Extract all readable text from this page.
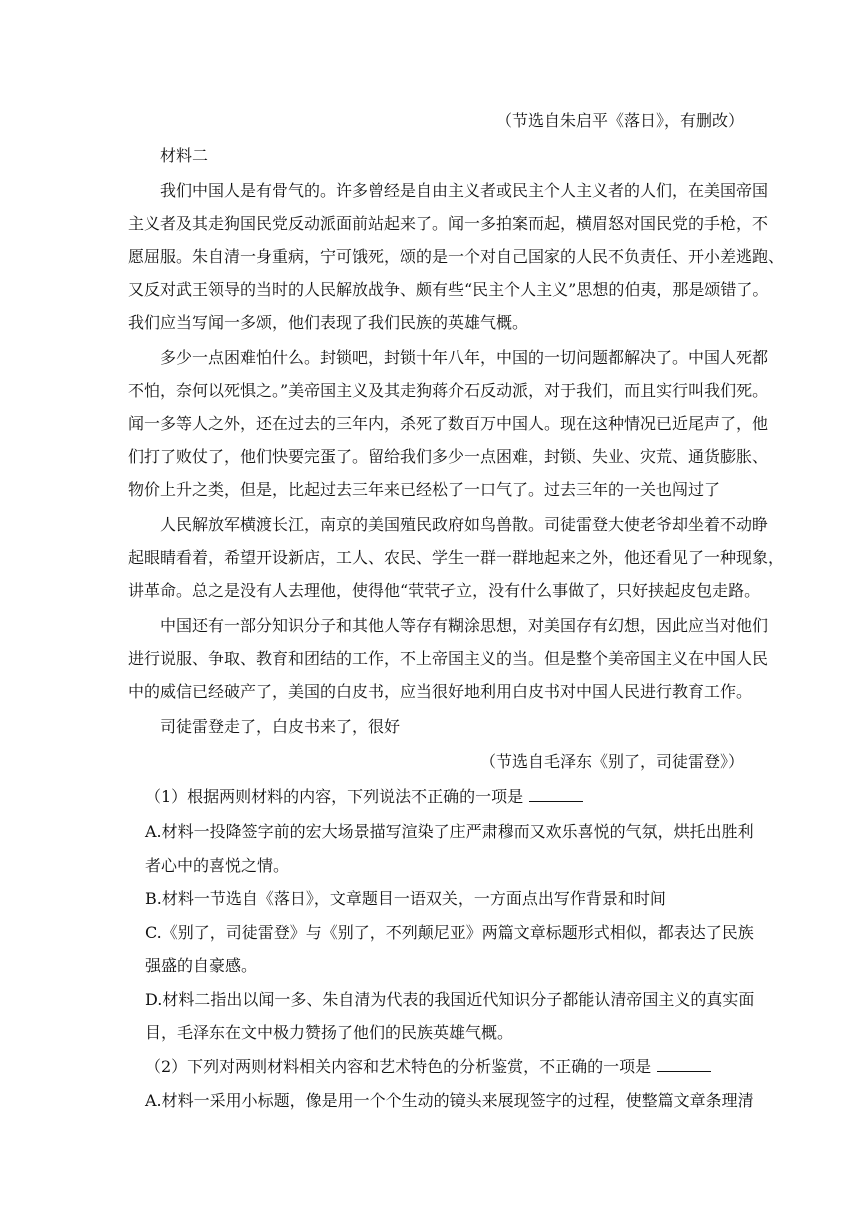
（节选自朱启平《落日》，有删改）
材料二
我们中国人是有骨气的。许多曾经是自由主义者或民主个人主义者的人们，在美国帝国
主义者及其走狗国民党反动派面前站起来了。闻一多拍案而起，横眉怒对国民党的手枪，不
愿屈服。朱自清一身重病，宁可饿死，颂的是一个对自己国家的人民不负责任、开小差逃跑、
又反对武王领导的当时的人民解放战争、颇有些“民主个人主义”思想的伯夷，那是颂错了。
我们应当写闻一多颂，他们表现了我们民族的英雄气概。
多少一点困难怕什么。封锁吧，封锁十年八年，中国的一切问题都解决了。中国人死都
不怕，奈何以死惧之。”美帝国主义及其走狗蒋介石反动派，对于我们，而且实行叫我们死。
闻一多等人之外，还在过去的三年内，杀死了数百万中国人。现在这种情况已近尾声了，他
们打了败仗了，他们快要完蛋了。留给我们多少一点困难，封锁、失业、灾荒、通货膨胀、
物价上升之类，但是，比起过去三年来已经松了一口气了。过去三年的一关也闯过了
人民解放军横渡长江，南京的美国殖民政府如鸟兽散。司徒雷登大使老爷却坐着不动睁
起眼睛看着，希望开设新店，工人、农民、学生一群一群地起来之外，他还看见了一种现象，
讲革命。总之是没有人去理他，使得他“茕茕孑立，没有什么事做了，只好挟起皮包走路。
中国还有一部分知识分子和其他人等存有糊涂思想，对美国存有幻想，因此应当对他们
进行说服、争取、教育和团结的工作，不上帝国主义的当。但是整个美帝国主义在中国人民
中的威信已经破产了，美国的白皮书，应当很好地利用白皮书对中国人民进行教育工作。
司徒雷登走了，白皮书来了，很好
（节选自毛泽东《别了，司徒雷登》）
（1）根据两则材料的内容，下列说法不正确的一项是
A.材料一投降签字前的宏大场景描写渲染了庄严肃穆而又欢乐喜悦的气氛，烘托出胜利
者心中的喜悦之情。
B.材料一节选自《落日》，文章题目一语双关，一方面点出写作背景和时间
C.《别了，司徒雷登》与《别了，不列颠尼亚》两篇文章标题形式相似，都表达了民族
强盛的自豪感。
D.材料二指出以闻一多、朱自清为代表的我国近代知识分子都能认清帝国主义的真实面
目，毛泽东在文中极力赞扬了他们的民族英雄气概。
（2）下列对两则材料相关内容和艺术特色的分析鉴赏，不正确的一项是
A.材料一采用小标题，像是用一个个生动的镜头来展现签字的过程，使整篇文章条理清
